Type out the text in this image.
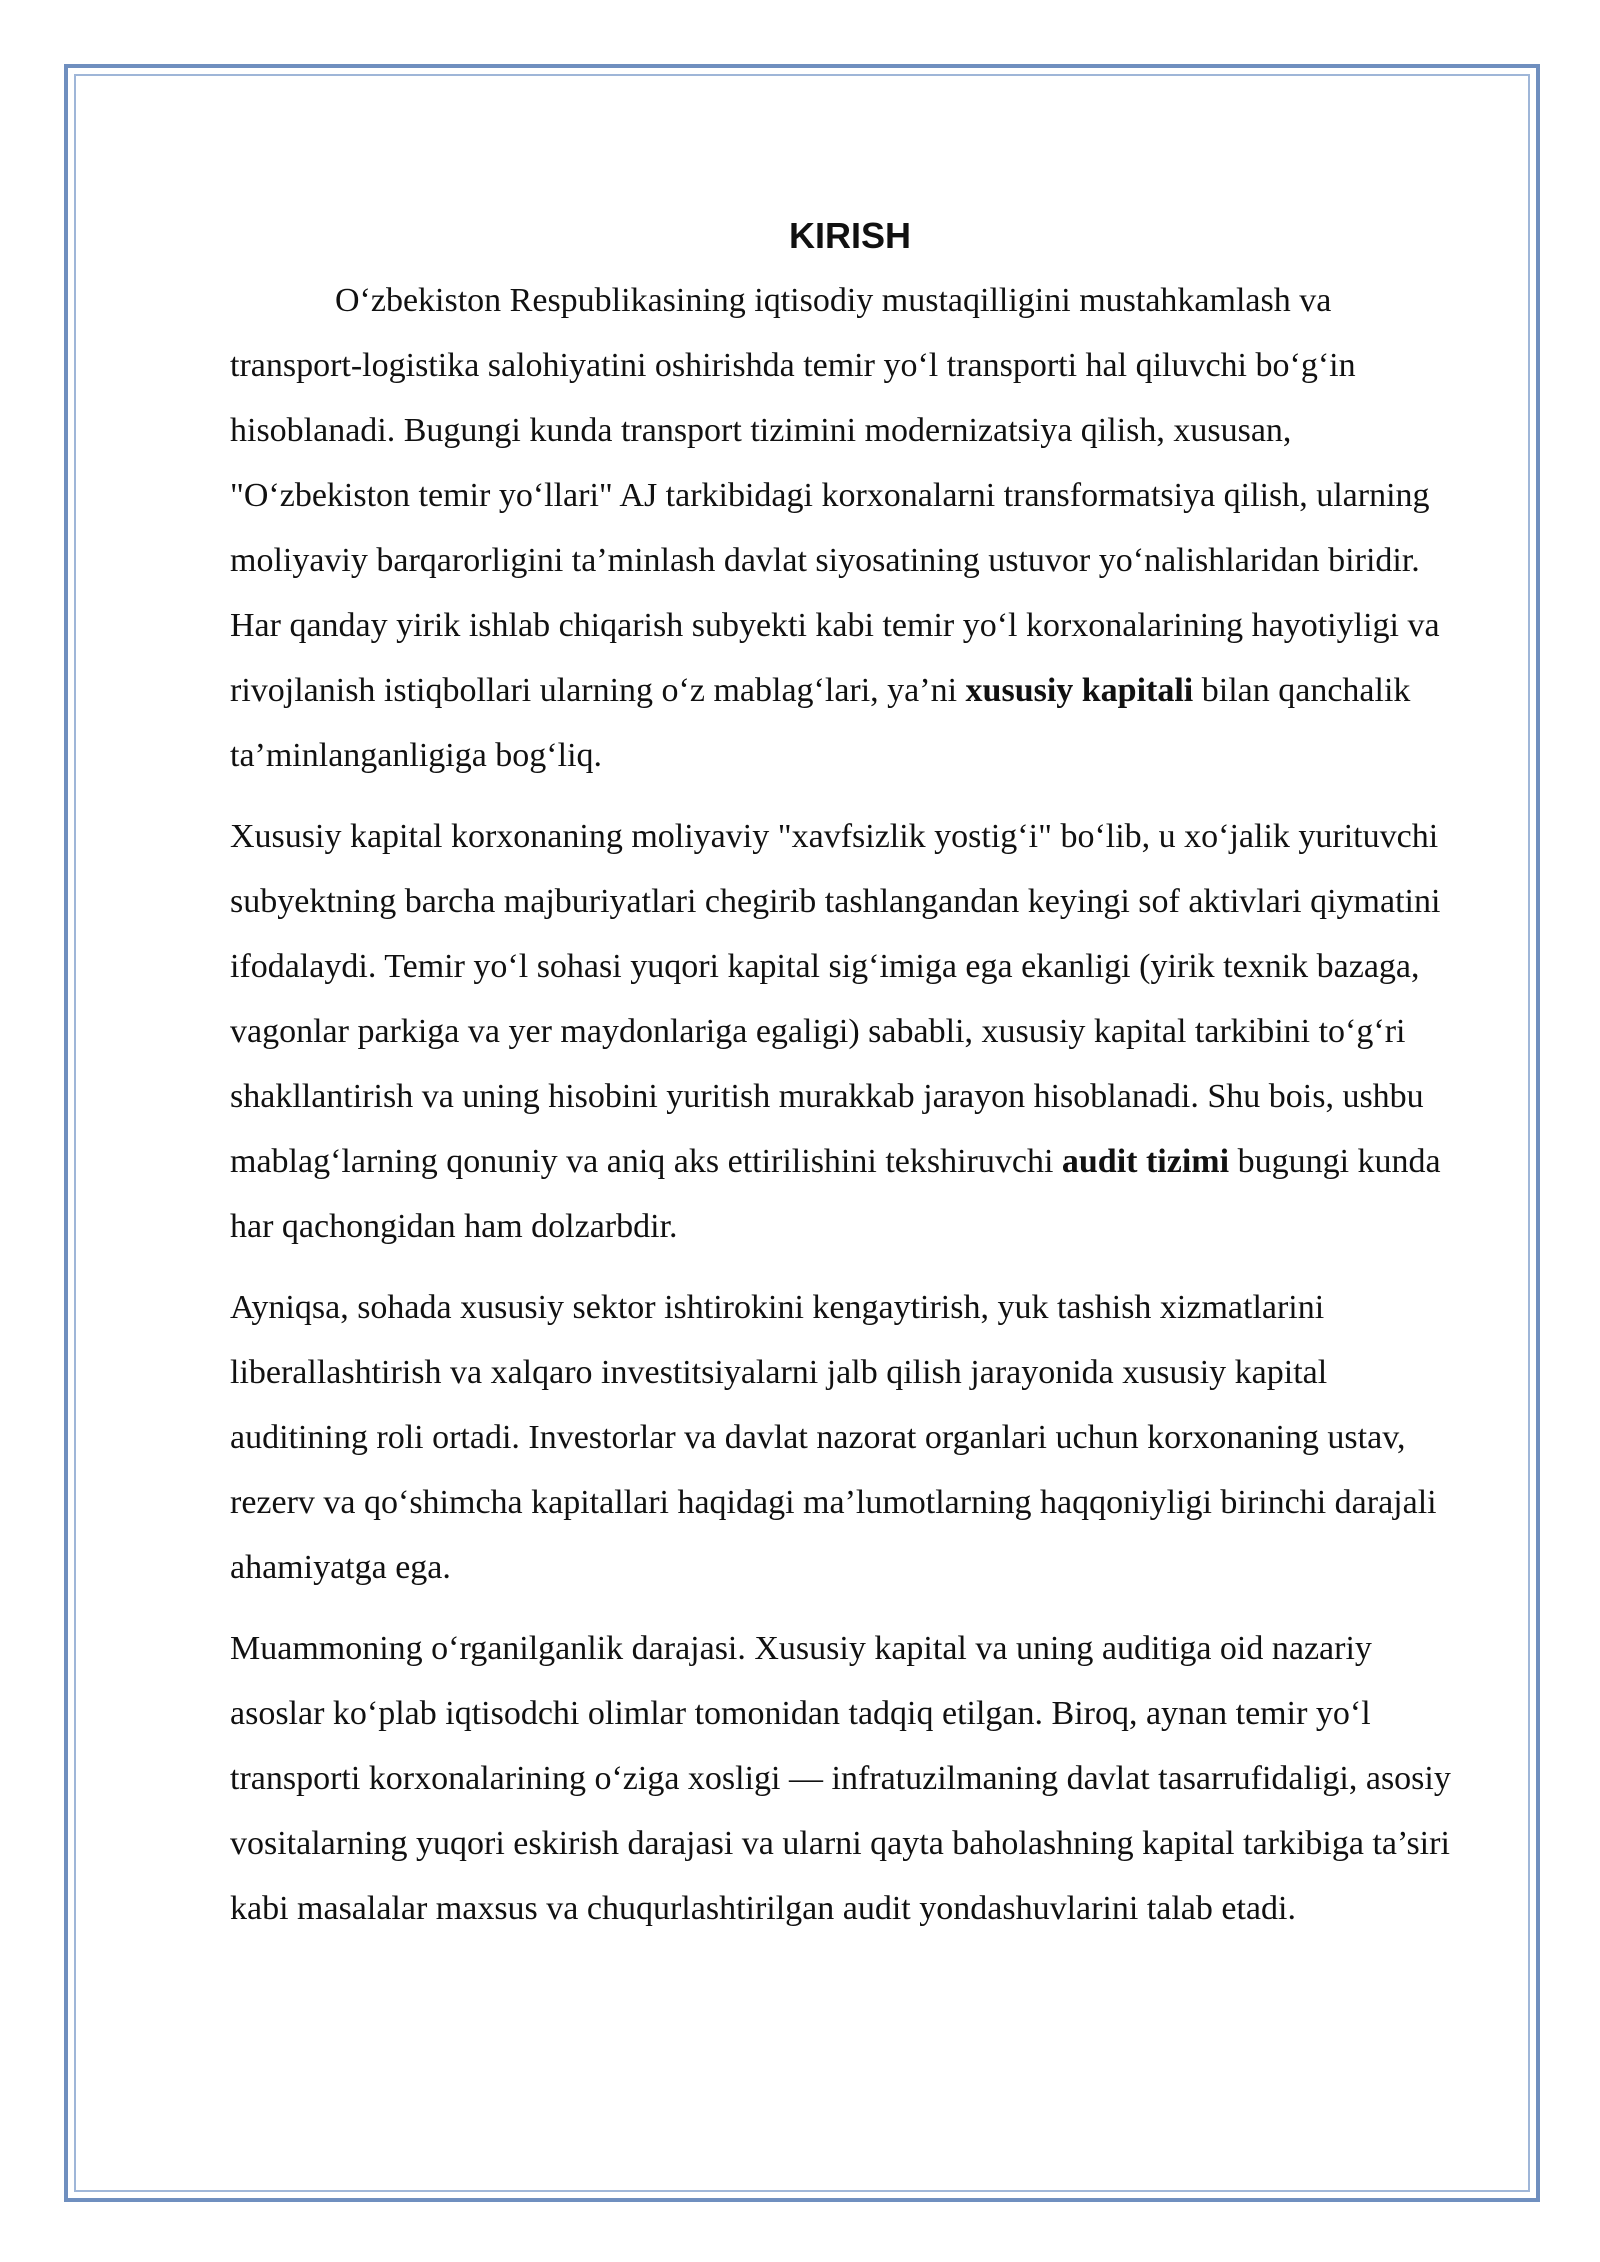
KIRISH

O‘zbekiston Respublikasining iqtisodiy mustaqilligini mustahkamlash va transport-logistika salohiyatini oshirishda temir yo‘l transporti hal qiluvchi bo‘g‘in hisoblanadi. Bugungi kunda transport tizimini modernizatsiya qilish, xususan, "O‘zbekiston temir yo‘llari" AJ tarkibidagi korxonalarni transformatsiya qilish, ularning moliyaviy barqarorligini ta’minlash davlat siyosatining ustuvor yo‘nalishlaridan biridir. Har qanday yirik ishlab chiqarish subyekti kabi temir yo‘l korxonalarining hayotiyligi va rivojlanish istiqbollari ularning o‘z mablag‘lari, ya’ni xususiy kapitali bilan qanchalik ta’minlanganligiga bog‘liq.

Xususiy kapital korxonaning moliyaviy "xavfsizlik yostig‘i" bo‘lib, u xo‘jalik yurituvchi subyektning barcha majburiyatlari chegirib tashlangandan keyingi sof aktivlari qiymatini ifodalaydi. Temir yo‘l sohasi yuqori kapital sig‘imiga ega ekanligi (yirik texnik bazaga, vagonlar parkiga va yer maydonlariga egaligi) sababli, xususiy kapital tarkibini to‘g‘ri shakllantirish va uning hisobini yuritish murakkab jarayon hisoblanadi. Shu bois, ushbu mablag‘larning qonuniy va aniq aks ettirilishini tekshiruvchi audit tizimi bugungi kunda har qachongidan ham dolzarbdir.

Ayniqsa, sohada xususiy sektor ishtirokini kengaytirish, yuk tashish xizmatlarini liberallashtirish va xalqaro investitsiyalarni jalb qilish jarayonida xususiy kapital auditining roli ortadi. Investorlar va davlat nazorat organlari uchun korxonaning ustav, rezerv va qo‘shimcha kapitallari haqidagi ma’lumotlarning haqqoniyligi birinchi darajali ahamiyatga ega.

Muammoning o‘rganilganlik darajasi. Xususiy kapital va uning auditiga oid nazariy asoslar ko‘plab iqtisodchi olimlar tomonidan tadqiq etilgan. Biroq, aynan temir yo‘l transporti korxonalarining o‘ziga xosligi — infratuzilmaning davlat tasarrufidaligi, asosiy vositalarning yuqori eskirish darajasi va ularni qayta baholashning kapital tarkibiga ta’siri kabi masalalar maxsus va chuqurlashtirilgan audit yondashuvlarini talab etadi.
